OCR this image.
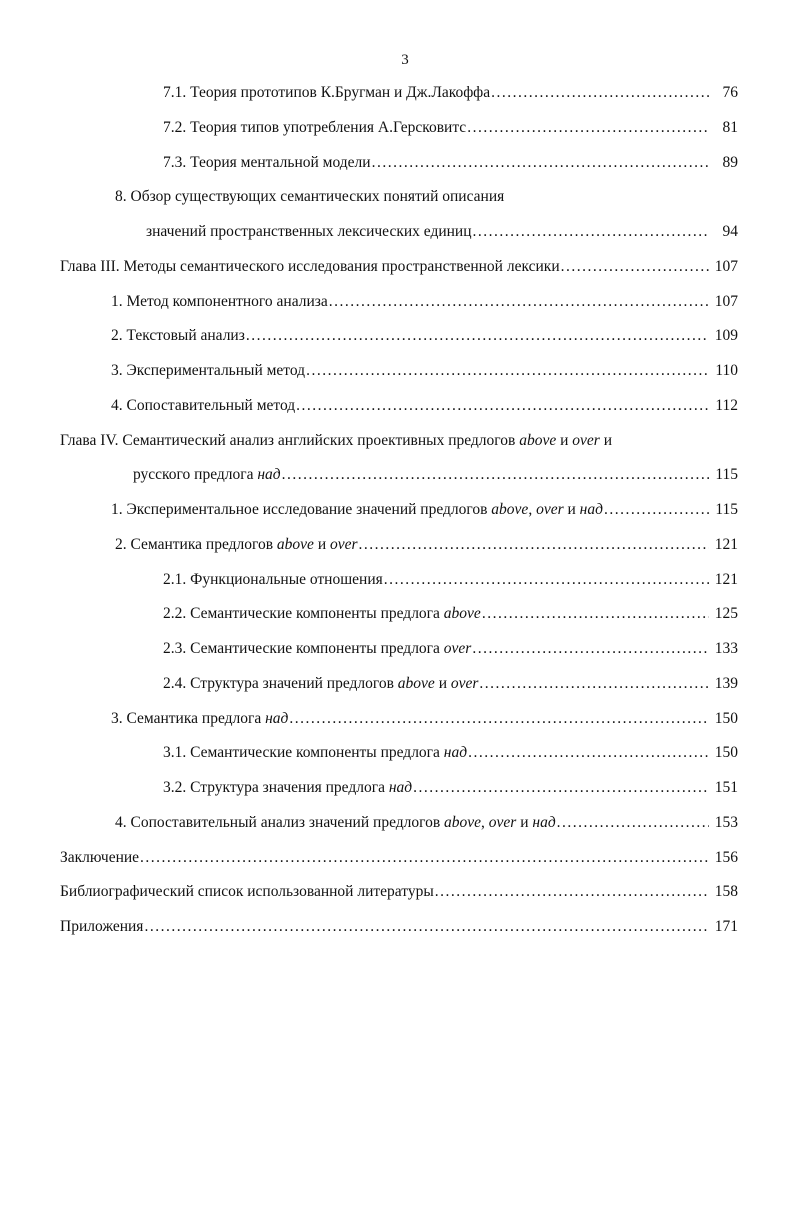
3
7.1. Теория прототипов К.Бругман и Дж.Лакоффа .....	76
7.2. Теория типов употребления А.Герсковитс .....	81
7.3. Теория ментальной модели .....	89
8. Обзор существующих семантических понятий описания
значений пространственных лексических единиц .....	94
Глава III. Методы семантического исследования пространственной лексики .....	107
1. Метод компонентного анализа .....	107
2. Текстовый анализ .....	109
3. Экспериментальный метод .....	110
4. Сопоставительный метод .....	112
Глава IV. Семантический анализ английских проективных предлогов above и over и
русского предлога над .....	115
1. Экспериментальное исследование значений предлогов above, over и над .....	115
2. Семантика предлогов above и over .....	121
2.1. Функциональные отношения .....	121
2.2. Семантические компоненты предлога above .....	125
2.3. Семантические компоненты предлога over .....	133
2.4. Структура значений предлогов above и over .....	139
3. Семантика предлога над .....	150
3.1. Семантические компоненты предлога над .....	150
3.2. Структура значения предлога над .....	151
4. Сопоставительный анализ значений предлогов above, over и над .....	153
Заключение .....	156
Библиографический список использованной литературы .....	158
Приложения .....	171
